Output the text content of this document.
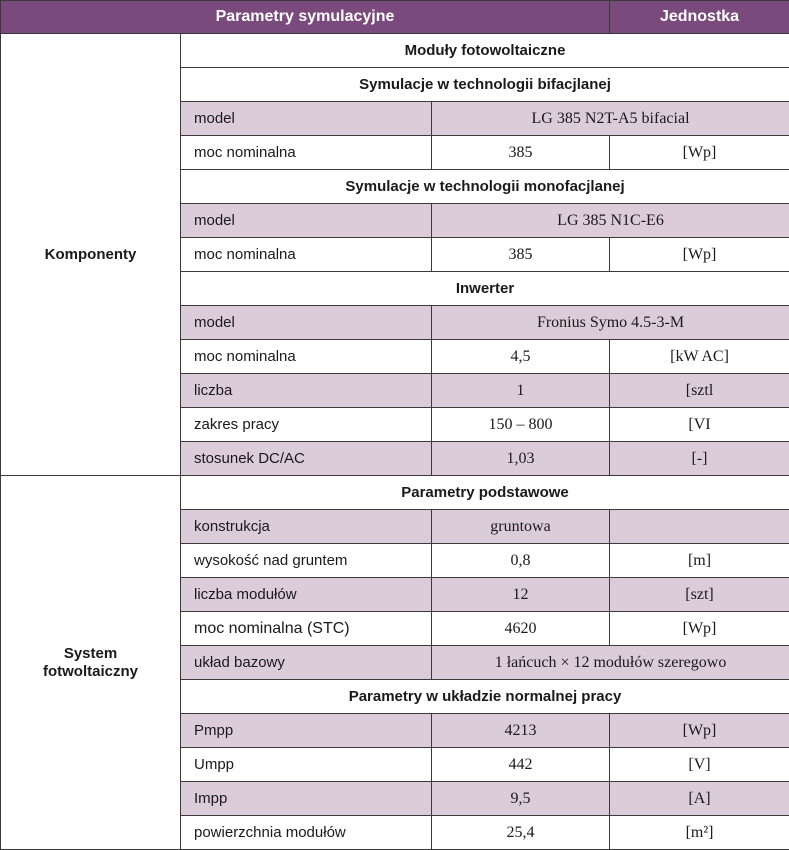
Parametry symulacyjne			Jednostka
Komponenty	Moduły fotowoltaiczne		
	Symulacje w technologii bifacjlanej		
	model	LG 385 N2T-A5 bifacial	
	moc nominalna	385	[Wp]
	Symulacje w technologii monofacjlanej		
	model	LG 385 N1C-E6	
	moc nominalna	385	[Wp]
	Inwerter		
	model	Fronius Symo 4.5-3-M	
	moc nominalna	4,5	[kW AC]
	liczba	1	[sztl
	zakres pracy	150 – 800	[VI
	stosunek DC/AC	1,03	[-]
System fotwoltaiczny	Parametry podstawowe		
	konstrukcja	gruntowa	
	wysokość nad gruntem	0,8	[m]
	liczba modułów	12	[szt]
	moc nominalna (STC)	4620	[Wp]
	układ bazowy	1 łańcuch × 12 modułów szeregowo	
	Parametry w układzie normalnej pracy		
	Pmpp	4213	[Wp]
	Umpp	442	[V]
	Impp	9,5	[A]
	powierzchnia modułów	25,4	[m²]
